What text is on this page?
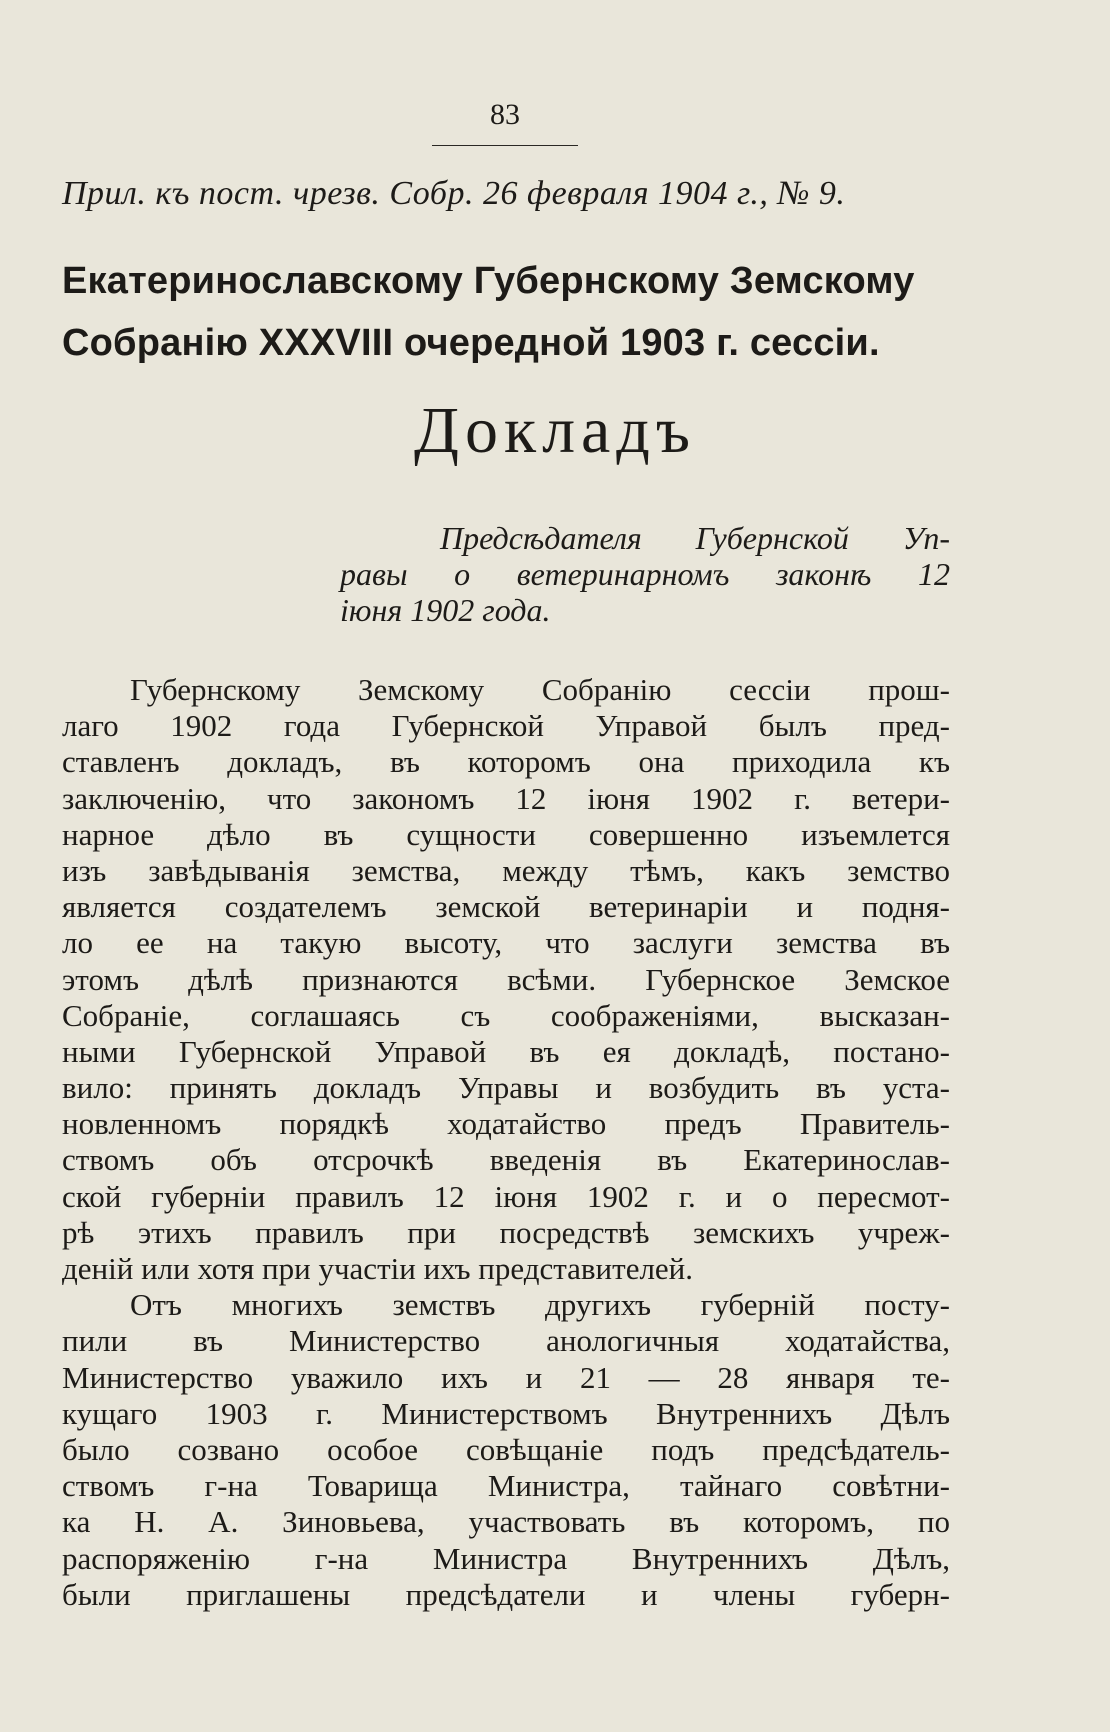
83
Прил. къ пост. чрезв. Собр. 26 февраля 1904 г., № 9.
Екатеринославскому Губернскому Земскому
Собранію XXXVIII очередной 1903 г. сессіи.
Докладъ
Предсѣдателя Губернской Уп-
равы о ветеринарномъ законѣ 12
іюня 1902 года.
Губернскому Земскому Собранію сессіи прош-
лаго 1902 года Губернской Управой былъ пред-
ставленъ докладъ, въ которомъ она приходила къ
заключенію, что закономъ 12 іюня 1902 г. ветери-
нарное дѣло въ сущности совершенно изъемлется
изъ завѣдыванія земства, между тѣмъ, какъ земство
является создателемъ земской ветеринаріи и подня-
ло ее на такую высоту, что заслуги земства въ
этомъ дѣлѣ признаются всѣми. Губернское Земское
Собраніе, соглашаясь съ соображеніями, высказан-
ными Губернской Управой въ ея докладѣ, постано-
вило: принять докладъ Управы и возбудить въ уста-
новленномъ порядкѣ ходатайство предъ Правитель-
ствомъ объ отсрочкѣ введенія въ Екатеринослав-
ской губерніи правилъ 12 іюня 1902 г. и о пересмот-
рѣ этихъ правилъ при посредствѣ земскихъ учреж-
деній или хотя при участіи ихъ представителей.
Отъ многихъ земствъ другихъ губерній посту-
пили въ Министерство анологичныя ходатайства,
Министерство уважило ихъ и 21 — 28 января те-
кущаго 1903 г. Министерствомъ Внутреннихъ Дѣлъ
было созвано особое совѣщаніе подъ предсѣдатель-
ствомъ г-на Товарища Министра, тайнаго совѣтни-
ка Н. А. Зиновьева, участвовать въ которомъ, по
распоряженію г-на Министра Внутреннихъ Дѣлъ,
были приглашены предсѣдатели и члены губерн-
